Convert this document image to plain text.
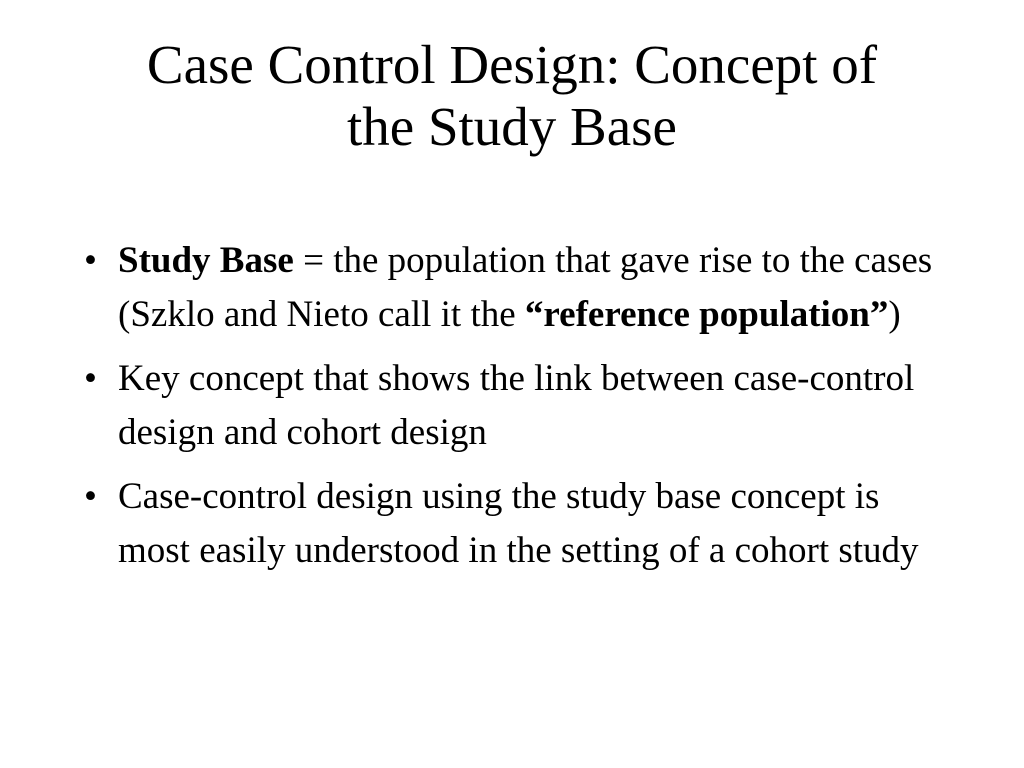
Case Control Design: Concept of
the Study Base
• Study Base = the population that gave rise to the cases (Szklo and Nieto call it the “reference population”)
• Key concept that shows the link between case-control design and cohort design
• Case-control design using the study base concept is most easily understood in the setting of a cohort study
